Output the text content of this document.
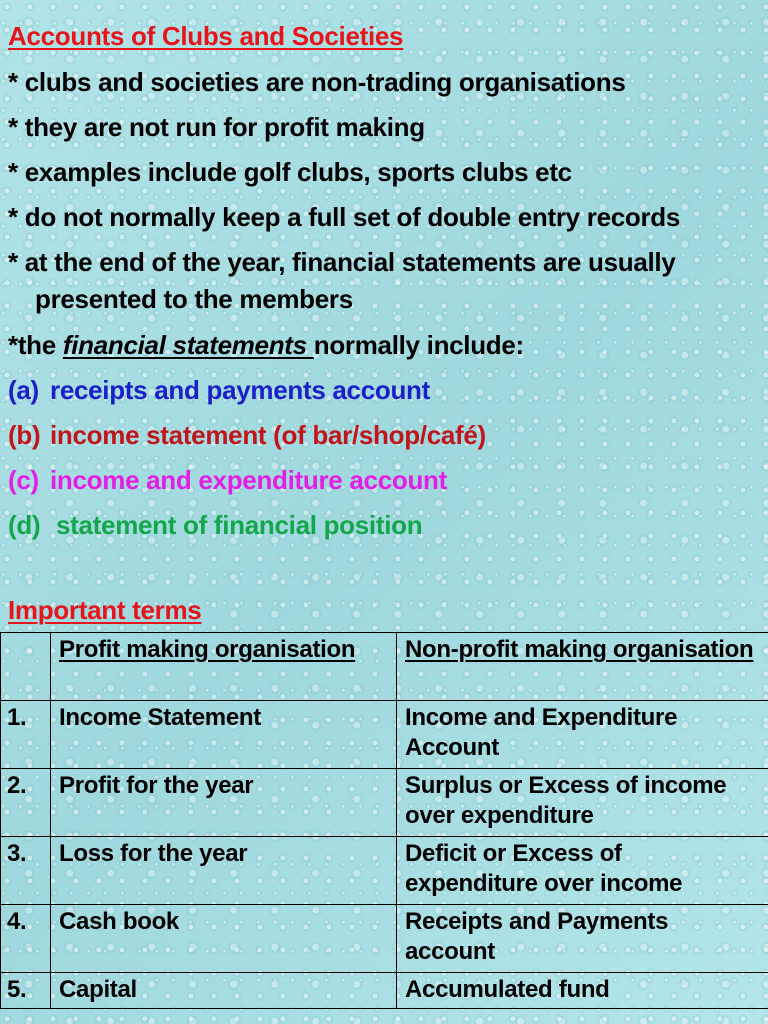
Accounts of Clubs and Societies
* clubs and societies are non-trading organisations
* they are not run for profit making
* examples include golf clubs, sports clubs etc
* do not normally keep a full set of double entry records
* at the end of the year, financial statements are usually
presented to the members
*the financial statements normally include:
(a) receipts and payments account
(b) income statement (of bar/shop/café)
(c) income and expenditure account
(d) statement of financial position
Important terms
	Profit making organisation	Non-profit making organisation
1.	Income Statement	Income and Expenditure Account
2.	Profit for the year	Surplus or Excess of income over expenditure
3.	Loss for the year	Deficit or Excess of expenditure over income
4.	Cash book	Receipts and Payments account
5.	Capital	Accumulated fund
